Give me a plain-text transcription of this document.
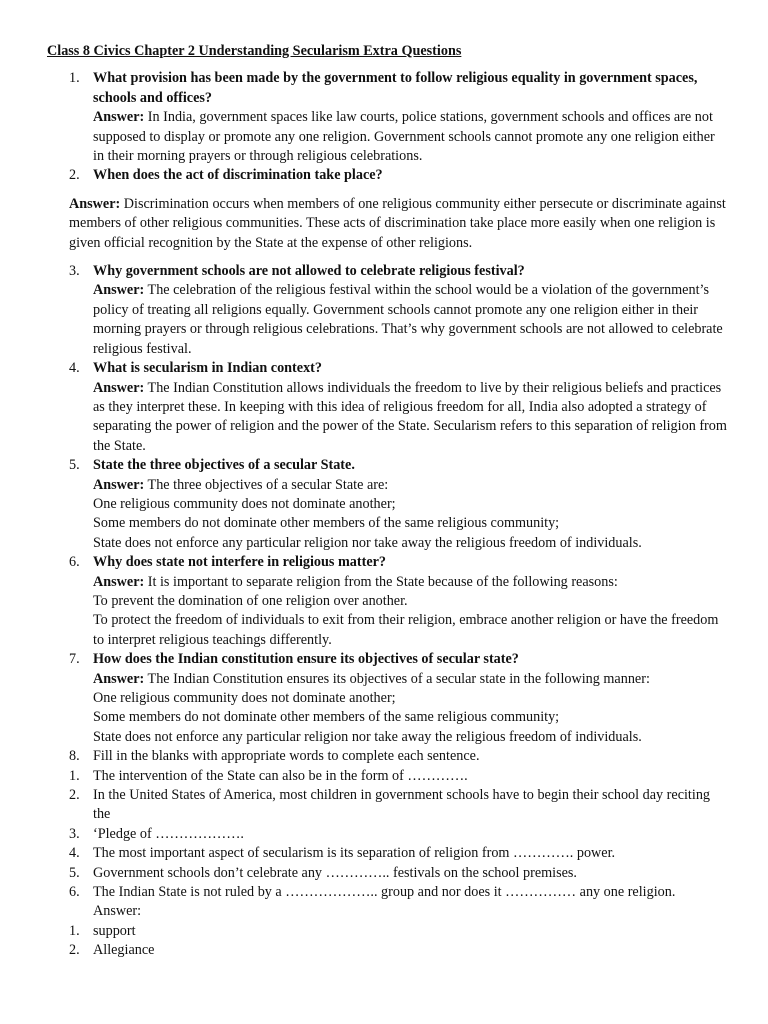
Class 8 Civics Chapter 2 Understanding Secularism Extra Questions
1. What provision has been made by the government to follow religious equality in government spaces, schools and offices?
Answer: In India, government spaces like law courts, police stations, government schools and offices are not supposed to display or promote any one religion. Government schools cannot promote any one religion either in their morning prayers or through religious celebrations.
2. When does the act of discrimination take place?
Answer: Discrimination occurs when members of one religious community either persecute or discriminate against members of other religious communities. These acts of discrimination take place more easily when one religion is given official recognition by the State at the expense of other religions.
3. Why government schools are not allowed to celebrate religious festival?
Answer: The celebration of the religious festival within the school would be a violation of the government’s policy of treating all religions equally. Government schools cannot promote any one religion either in their morning prayers or through religious celebrations. That’s why government schools are not allowed to celebrate religious festival.
4. What is secularism in Indian context?
Answer: The Indian Constitution allows individuals the freedom to live by their religious beliefs and practices as they interpret these. In keeping with this idea of religious freedom for all, India also adopted a strategy of separating the power of religion and the power of the State. Secularism refers to this separation of religion from the State.
5. State the three objectives of a secular State.
Answer: The three objectives of a secular State are:
One religious community does not dominate another;
Some members do not dominate other members of the same religious community;
State does not enforce any particular religion nor take away the religious freedom of individuals.
6. Why does state not interfere in religious matter?
Answer: It is important to separate religion from the State because of the following reasons:
To prevent the domination of one religion over another.
To protect the freedom of individuals to exit from their religion, embrace another religion or have the freedom to interpret religious teachings differently.
7. How does the Indian constitution ensure its objectives of secular state?
Answer: The Indian Constitution ensures its objectives of a secular state in the following manner:
One religious community does not dominate another;
Some members do not dominate other members of the same religious community;
State does not enforce any particular religion nor take away the religious freedom of individuals.
8. Fill in the blanks with appropriate words to complete each sentence.
1. The intervention of the State can also be in the form of ………….
2. In the United States of America, most children in government schools have to begin their school day reciting the
3. ‘Pledge of ……………….
4. The most important aspect of secularism is its separation of religion from …………. power.
5. Government schools don’t celebrate any ………….. festivals on the school premises.
6. The Indian State is not ruled by a ……………….. group and nor does it …………… any one religion.
Answer:
1. support
2. Allegiance
